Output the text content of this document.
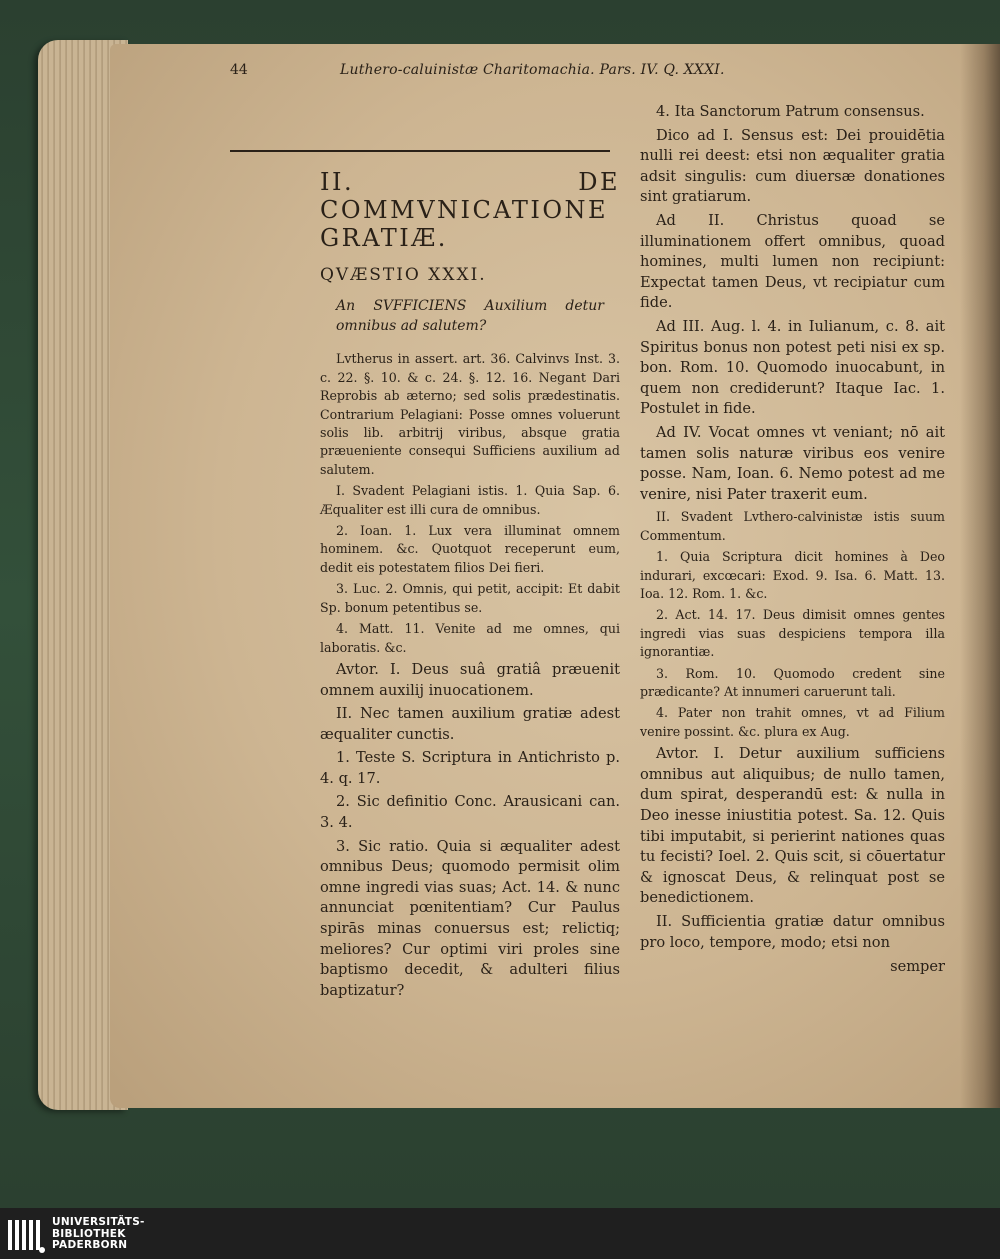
44	Luthero-caluinistæ Charitomachia. Pars. IV. Q. XXXI.

II. DE COMMVNICATIONE GRATIÆ.

QVÆSTIO XXXI.

An SVFFICIENS Auxilium detur omnibus ad salutem?

Lvtherus in assert. art. 36. Calvinvs Inst. 3. c. 22. §. 10. & c. 24. §. 12. 16. Negant Dari Reprobis ab æterno; sed solis prædestinatis. Contrarium Pelagiani: Posse omnes voluerunt solis lib. arbitrij viribus, absque gratia præueniente consequi Sufficiens auxilium ad salutem.

I. Svadent Pelagiani istis. 1. Quia Sap. 6. Æqualiter est illi cura de omnibus.

2. Ioan. 1. Lux vera illuminat omnem hominem. &c. Quotquot receperunt eum, dedit eis potestatem filios Dei fieri.

3. Luc. 2. Omnis, qui petit, accipit: Et dabit Sp. bonum petentibus se.

4. Matt. 11. Venite ad me omnes, qui laboratis. &c.

Avtor. I. Deus suâ gratiâ præuenit omnem auxilij inuocationem.

II. Nec tamen auxilium gratiæ adest æqualiter cunctis.

1. Teste S. Scriptura in Antichristo p. 4. q. 17.

2. Sic definitio Conc. Arausicani can. 3. 4.

3. Sic ratio. Quia si æqualiter adest omnibus Deus; quomodo permisit olim omne ingredi vias suas; Act. 14. & nunc annunciat pœnitentiam? Cur Paulus spirās minas conuersus est; relictiq; meliores? Cur optimi viri proles sine baptismo decedit, & adulteri filius baptizatur?

4. Ita Sanctorum Patrum consensus.

Dico ad I. Sensus est: Dei prouidētia nulli rei deest: etsi non æqualiter gratia adsit singulis: cum diuersæ donationes sint gratiarum.

Ad II. Christus quoad se illuminationem offert omnibus, quoad homines, multi lumen non recipiunt: Expectat tamen Deus, vt recipiatur cum fide.

Ad III. Aug. l. 4. in Iulianum, c. 8. ait Spiritus bonus non potest peti nisi ex sp. bon. Rom. 10. Quomodo inuocabunt, in quem non crediderunt? Itaque Iac. 1. Postulet in fide.

Ad IV. Vocat omnes vt veniant; nō ait tamen solis naturæ viribus eos venire posse. Nam, Ioan. 6. Nemo potest ad me venire, nisi Pater traxerit eum.

II. Svadent Lvthero-calvinistæ istis suum Commentum.

1. Quia Scriptura dicit homines à Deo indurari, excœcari: Exod. 9. Isa. 6. Matt. 13. Ioa. 12. Rom. 1. &c.

2. Act. 14. 17. Deus dimisit omnes gentes ingredi vias suas despiciens tempora illa ignorantiæ.

3. Rom. 10. Quomodo credent sine prædicante? At innumeri caruerunt tali.

4. Pater non trahit omnes, vt ad Filium venire possint. &c. plura ex Aug.

Avtor. I. Detur auxilium sufficiens omnibus aut aliquibus; de nullo tamen, dum spirat, desperandū est: & nulla in Deo inesse iniustitia potest. Sa. 12. Quis tibi imputabit, si perierint nationes quas tu fecisti? Ioel. 2. Quis scit, si cōuertatur & ignoscat Deus, & relinquat post se benedictionem.

II. Sufficientia gratiæ datur omnibus pro loco, tempore, modo; etsi non

semper

UNIVERSITÄTS-
BIBLIOTHEK
PADERBORN
